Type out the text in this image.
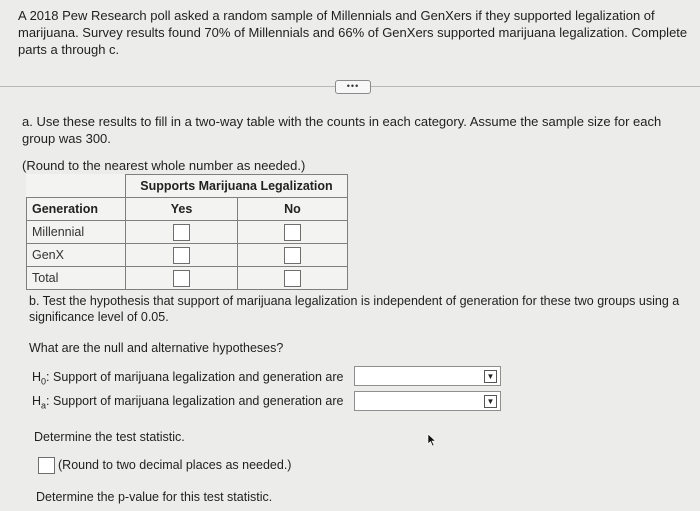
A 2018 Pew Research poll asked a random sample of Millennials and GenXers if they supported legalization of marijuana. Survey results found 70% of Millennials and 66% of GenXers supported marijuana legalization. Complete parts a through c.
•••
a. Use these results to fill in a two-way table with the counts in each category. Assume the sample size for each group was 300.
(Round to the nearest whole number as needed.)
	Supports Marijuana Legalization	
Generation	Yes	No
Millennial	

GenX	

Total	

b. Test the hypothesis that support of marijuana legalization is independent of generation for these two groups using a significance level of 0.05.
What are the null and alternative hypotheses?
$H_0$: Support of marijuana legalization and generation are	▼
$H_a$: Support of marijuana legalization and generation are	▼
Determine the test statistic.
(Round to two decimal places as needed.)
Determine the p-value for this test statistic.
